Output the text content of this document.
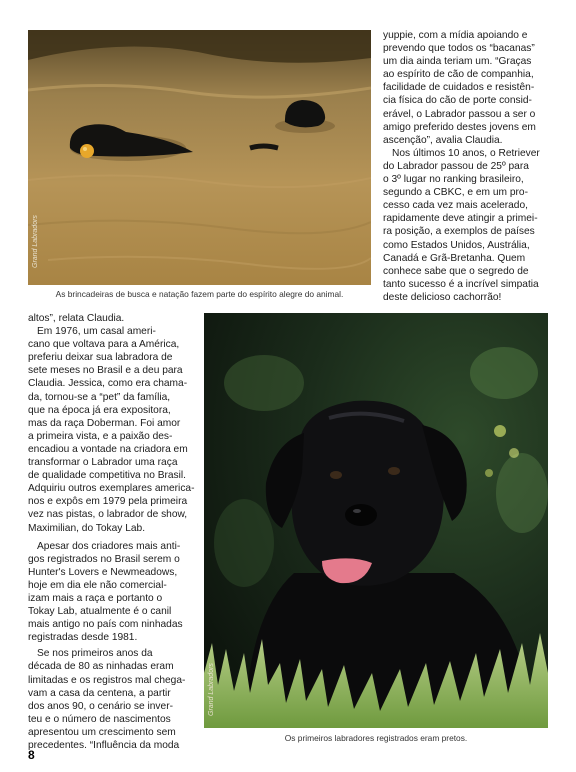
Grand Labradors
As brincadeiras de busca e natação fazem parte do espírito alegre do animal.

yuppie, com a mídia apoiando e
prevendo que todos os “bacanas”
um dia ainda teriam um. “Graças
ao espírito de cão de companhia,
facilidade de cuidados e resistên-
cia física do cão de porte consid-
erável, o Labrador passou a ser o
amigo preferido destes jovens em
ascenção”, avalia Claudia.

Nos últimos 10 anos, o Retriever
do Labrador passou de 25º para
o 3º lugar no ranking brasileiro,
segundo a CBKC, e em um pro-
cesso cada vez mais acelerado,
rapidamente deve atingir a primei-
ra posição, a exemplos de países
como Estados Unidos, Austrália,
Canadá e Grã-Bretanha. Quem
conhece sabe que o segredo de
tanto sucesso é a incrível simpatia
deste delicioso cachorrão!

altos”, relata Claudia.

Em 1976, um casal ameri-
cano que voltava para a América,
preferiu deixar sua labradora de
sete meses no Brasil e a deu para
Claudia. Jessica, como era chama-
da, tornou-se a “pet” da família,
que na época já era expositora,
mas da raça Doberman. Foi amor
a primeira vista, e a paixão des-
encadiou a vontade na criadora em
transformar o Labrador uma raça
de qualidade competitiva no Brasil.
Adquiriu outros exemplares america-
nos e expôs em 1979 pela primeira
vez nas pistas, o labrador de show,
Maximilian, do Tokay Lab.

Apesar dos criadores mais anti-
gos registrados no Brasil serem o
Hunter's Lovers e Newmeadows,
hoje em dia ele não comercial-
izam mais a raça e portanto o
Tokay Lab, atualmente é o canil
mais antigo no país com ninhadas
registradas desde 1981.

Se nos primeiros anos da
década de 80 as ninhadas eram
limitadas e os registros mal chega-
vam a casa da centena, a partir
dos anos 90, o cenário se inver-
teu e o número de nascimentos
apresentou um crescimento sem
precedentes. “Influência da moda

Grand Labradors
Os primeiros labradores registrados eram pretos.
8
